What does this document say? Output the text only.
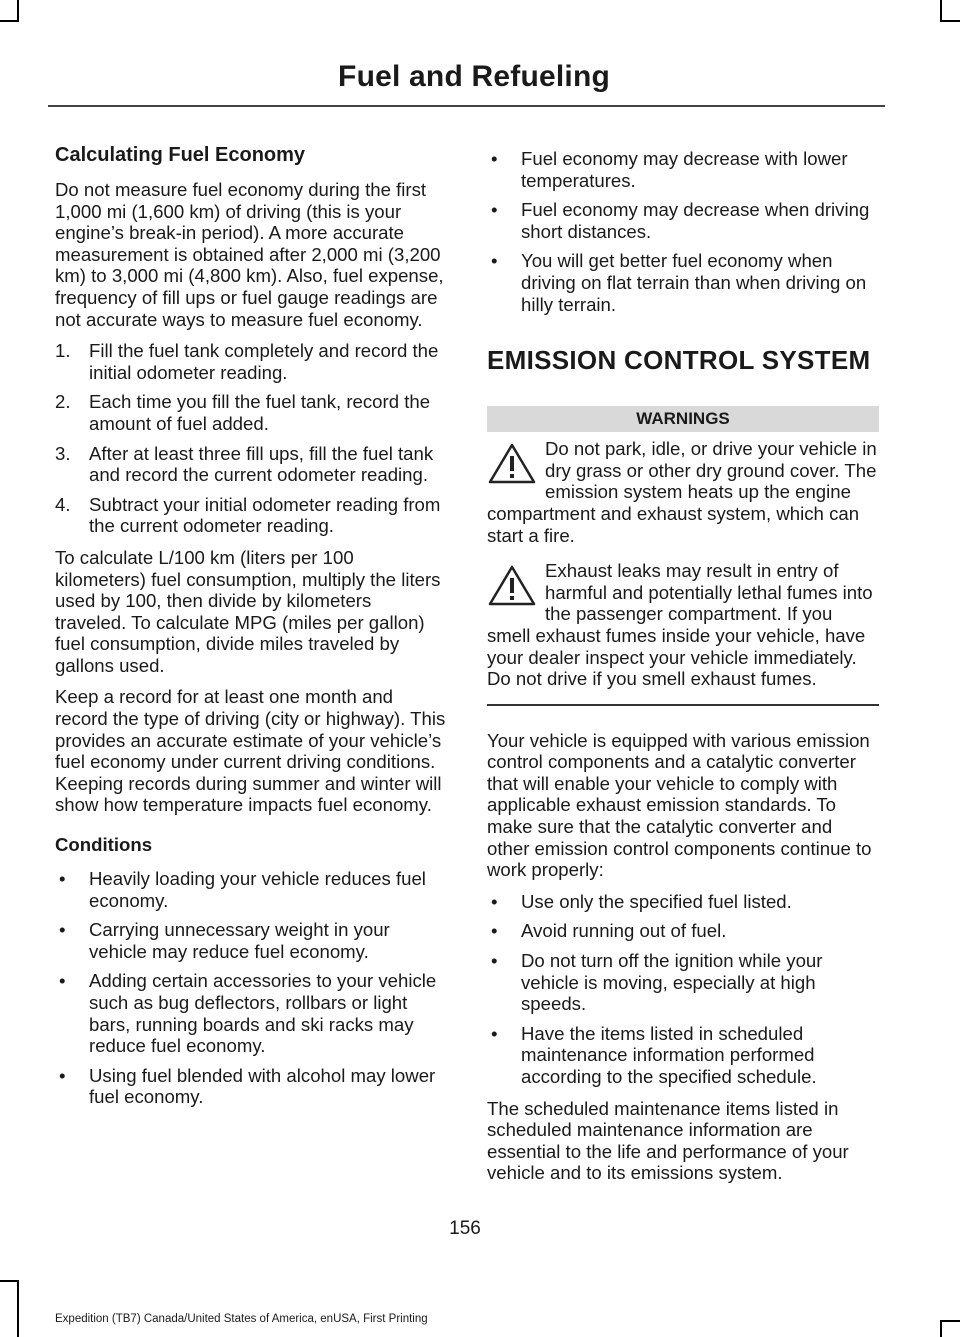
Fuel and Refueling
Calculating Fuel Economy

Do not measure fuel economy during the first 1,000 mi (1,600 km) of driving (this is your engine’s break-in period). A more accurate measurement is obtained after 2,000 mi (3,200 km) to 3,000 mi (4,800 km). Also, fuel expense, frequency of fill ups or fuel gauge readings are not accurate ways to measure fuel economy.

1. Fill the fuel tank completely and record the initial odometer reading.
2. Each time you fill the fuel tank, record the amount of fuel added.
3. After at least three fill ups, fill the fuel tank and record the current odometer reading.
4. Subtract your initial odometer reading from the current odometer reading.

To calculate L/100 km (liters per 100 kilometers) fuel consumption, multiply the liters used by 100, then divide by kilometers traveled. To calculate MPG (miles per gallon) fuel consumption, divide miles traveled by gallons used.

Keep a record for at least one month and record the type of driving (city or highway). This provides an accurate estimate of your vehicle’s fuel economy under current driving conditions. Keeping records during summer and winter will show how temperature impacts fuel economy.

Conditions
• Heavily loading your vehicle reduces fuel economy.
• Carrying unnecessary weight in your vehicle may reduce fuel economy.
• Adding certain accessories to your vehicle such as bug deflectors, rollbars or light bars, running boards and ski racks may reduce fuel economy.
• Using fuel blended with alcohol may lower fuel economy.
• Fuel economy may decrease with lower temperatures.
• Fuel economy may decrease when driving short distances.
• You will get better fuel economy when driving on flat terrain than when driving on hilly terrain.
EMISSION CONTROL SYSTEM
WARNINGS
Do not park, idle, or drive your vehicle in dry grass or other dry ground cover. The emission system heats up the engine compartment and exhaust system, which can start a fire.
Exhaust leaks may result in entry of harmful and potentially lethal fumes into the passenger compartment. If you smell exhaust fumes inside your vehicle, have your dealer inspect your vehicle immediately. Do not drive if you smell exhaust fumes.

Your vehicle is equipped with various emission control components and a catalytic converter that will enable your vehicle to comply with applicable exhaust emission standards. To make sure that the catalytic converter and other emission control components continue to work properly:

• Use only the specified fuel listed.
• Avoid running out of fuel.
• Do not turn off the ignition while your vehicle is moving, especially at high speeds.
• Have the items listed in scheduled maintenance information performed according to the specified schedule.

The scheduled maintenance items listed in scheduled maintenance information are essential to the life and performance of your vehicle and to its emissions system.

156
Expedition (TB7) Canada/United States of America, enUSA, First Printing
